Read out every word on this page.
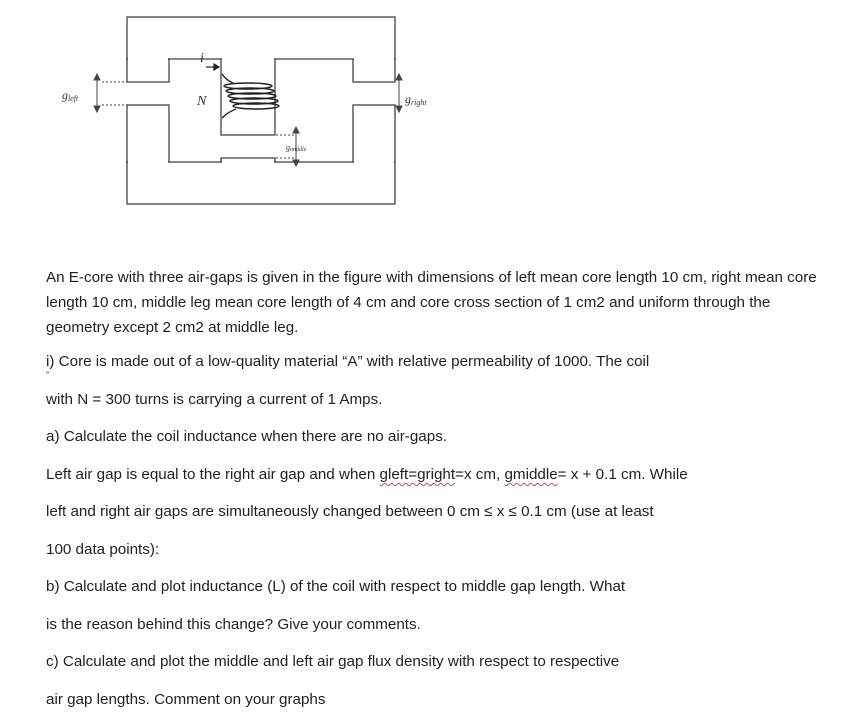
i
N
gleft	gright
gmiddle
An E-core with three air-gaps is given in the figure with dimensions of left mean core length 10 cm, right mean core length 10 cm, middle leg mean core length of 4 cm and core cross section of 1 cm2 and uniform through the geometry except 2 cm2 at middle leg.
i) Core is made out of a low-quality material “A” with relative permeability of 1000. The coil
with N = 300 turns is carrying a current of 1 Amps.
a) Calculate the coil inductance when there are no air-gaps.
Left air gap is equal to the right air gap and when gleft=gright=x cm, gmiddle= x + 0.1 cm. While
left and right air gaps are simultaneously changed between 0 cm ≤ x ≤ 0.1 cm (use at least
100 data points):
b) Calculate and plot inductance (L) of the coil with respect to middle gap length. What
is the reason behind this change? Give your comments.
c) Calculate and plot the middle and left air gap flux density with respect to respective
air gap lengths. Comment on your graphs
